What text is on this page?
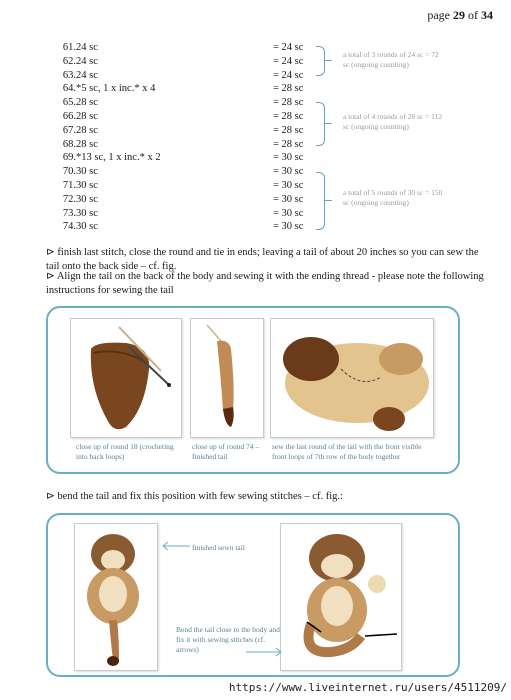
page 29 of 34
61. 24 sc	= 24 sc
62. 24 sc	= 24 sc
63. 24 sc	= 24 sc
64. *5 sc, 1 x inc.* x 4	= 28 sc
65. 28 sc	= 28 sc
66. 28 sc	= 28 sc
67. 28 sc	= 28 sc
68. 28 sc	= 28 sc
69. *13 sc, 1 x inc.* x 2	= 30 sc
70. 30 sc	= 30 sc
71. 30 sc	= 30 sc
72. 30 sc	= 30 sc
73. 30 sc	= 30 sc
74. 30 sc	= 30 sc
a total of 3 rounds of 24 sc = 72 sc (ongoing counting)
a total of 4 rounds of 28 sc = 112 sc (ongoing counting)
a total of 5 rounds of 30 sc = 150 sc (ongoing counting)
⊳ finish last stitch, close the round and tie in ends; leaving a tail of about 20 inches so you can sew the tail onto the back side – cf. fig.
⊳ Align the tail on the back of the body and sewing it with the ending thread - please note the following instructions for sewing the tail
close up of round 18 (crocheting into back loops)
close up of round 74 – finished tail
sew the last round of the tail with the front visible front loops of 7th row of the body together
⊳ bend the tail and fix this position with few sewing stitches – cf. fig.:
finished sewn tail
Bend the tail close to the body and fix it with sewing stitches (cf. arrows)
https://www.liveinternet.ru/users/4511209/
